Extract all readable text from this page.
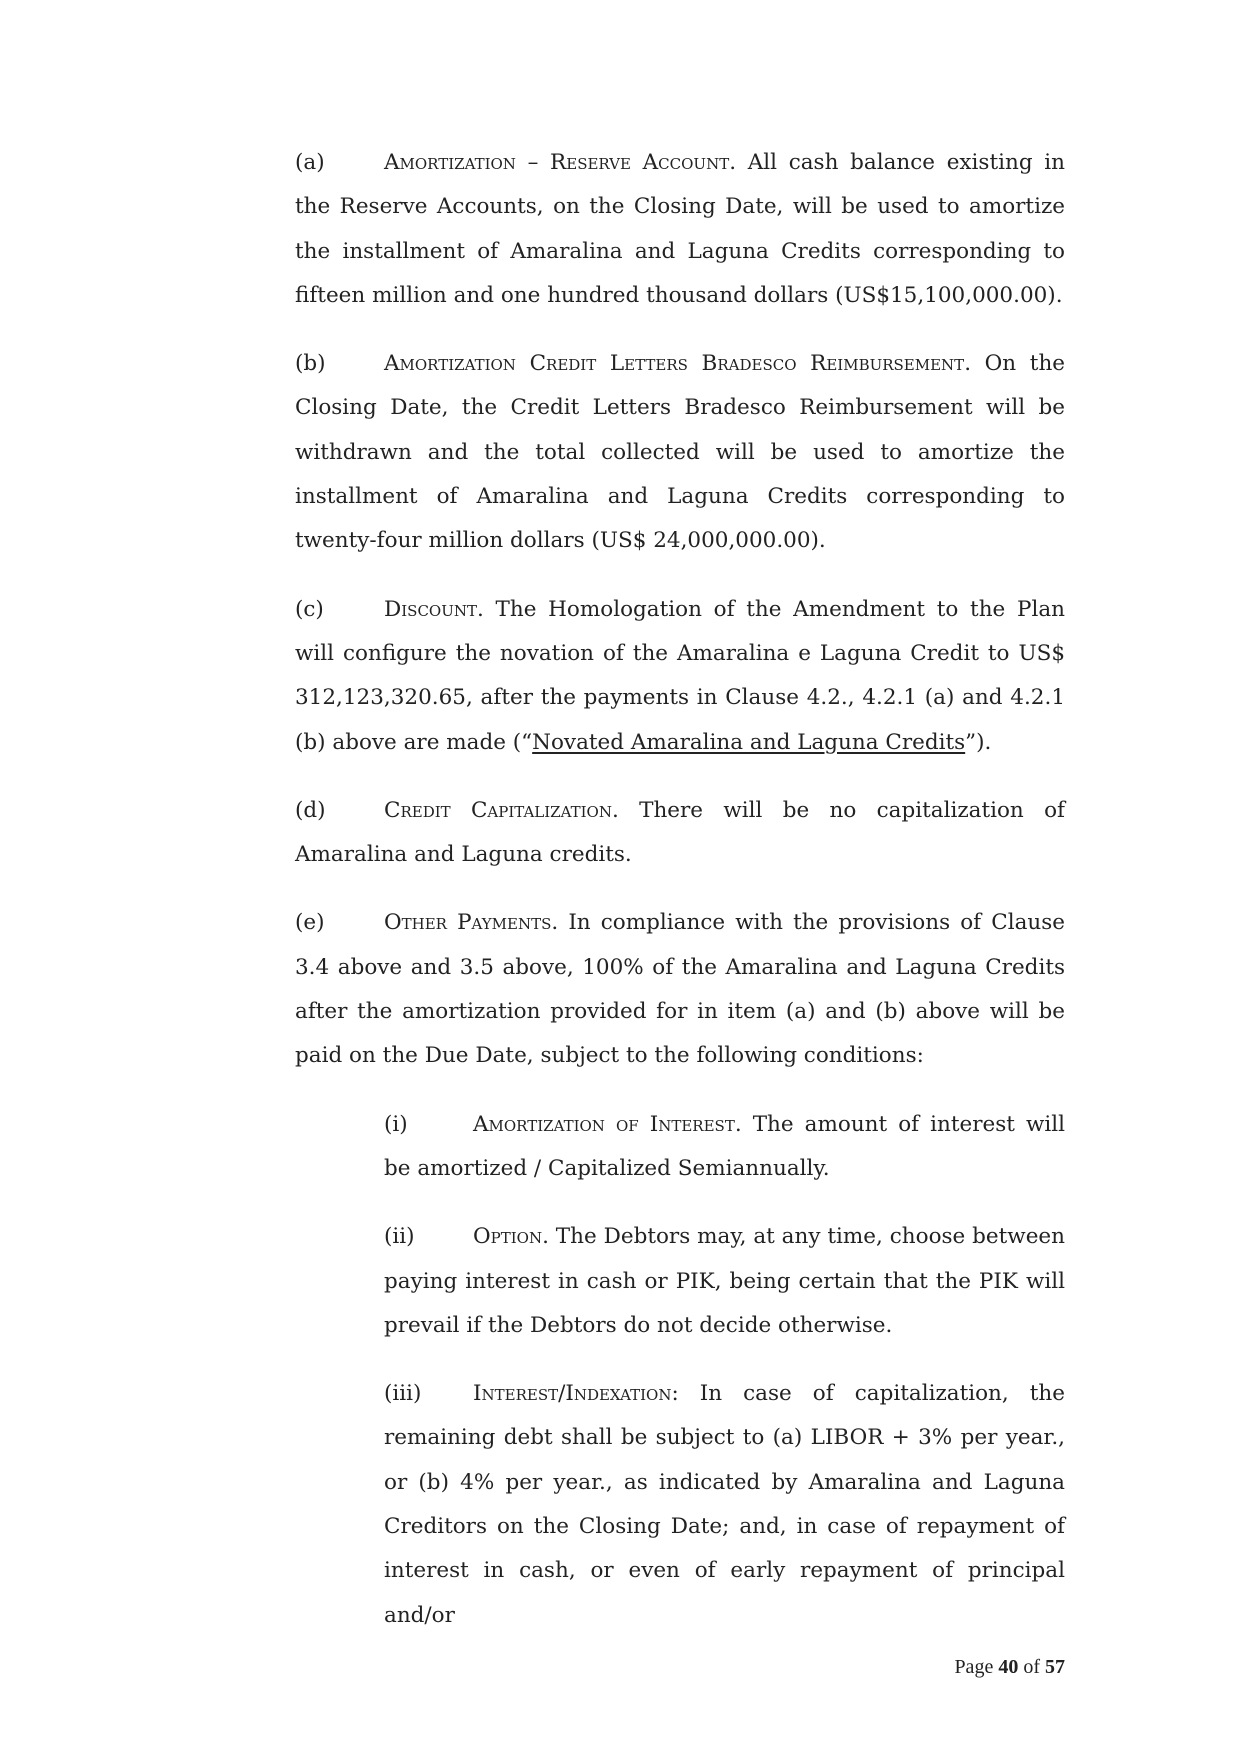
(a)	Amortization – Reserve Account. All cash balance existing in the Reserve Accounts, on the Closing Date, will be used to amortize the installment of Amaralina and Laguna Credits corresponding to fifteen million and one hundred thousand dollars (US$15,100,000.00).

(b)	Amortization Credit Letters Bradesco Reimbursement. On the Closing Date, the Credit Letters Bradesco Reimbursement will be withdrawn and the total collected will be used to amortize the installment of Amaralina and Laguna Credits corresponding to twenty-four million dollars (US$ 24,000,000.00).

(c)	Discount. The Homologation of the Amendment to the Plan will configure the novation of the Amaralina e Laguna Credit to US$ 312,123,320.65, after the payments in Clause 4.2., 4.2.1 (a) and 4.2.1 (b) above are made (“Novated Amaralina and Laguna Credits”).

(d)	Credit Capitalization. There will be no capitalization of Amaralina and Laguna credits.

(e)	Other Payments. In compliance with the provisions of Clause 3.4 above and 3.5 above, 100% of the Amaralina and Laguna Credits after the amortization provided for in item (a) and (b) above will be paid on the Due Date, subject to the following conditions:

(i)	Amortization of Interest. The amount of interest will be amortized / Capitalized Semiannually.

(ii)	Option. The Debtors may, at any time, choose between paying interest in cash or PIK, being certain that the PIK will prevail if the Debtors do not decide otherwise.

(iii) Interest/Indexation: In case of capitalization, the remaining debt shall be subject to (a) LIBOR + 3% per year., or (b) 4% per year., as indicated by Amaralina and Laguna Creditors on the Closing Date; and, in case of repayment of interest in cash, or even of early repayment of principal and/or

Page 40 of 57
